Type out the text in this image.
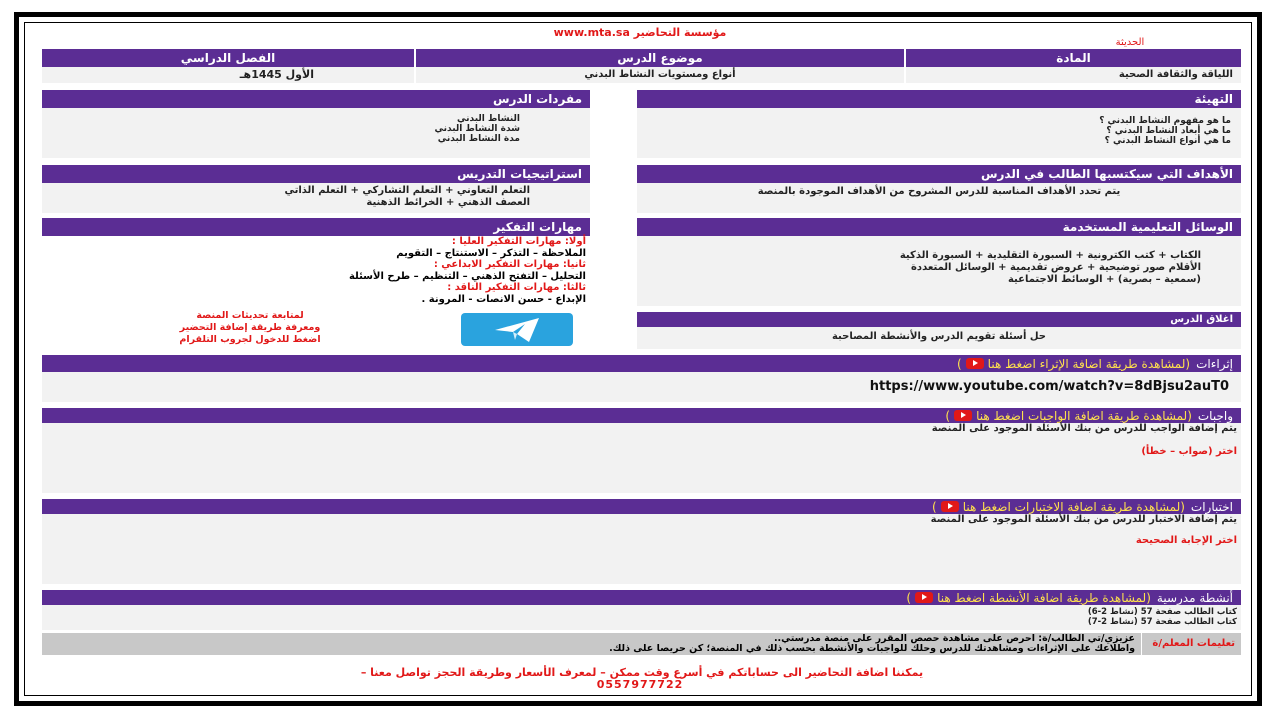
مؤسسة التحاضير www.mta.sa
الحديثة
المادة
موضوع الدرس
الفصل الدراسي
اللياقة والثقافة الصحية
أنواع ومستويات النشاط البدني
الأول 1445هـ
التهيئة
ما هو مفهوم النشاط البدني ؟
ما هي أبعاد النشاط البدني ؟
ما هي أنواع النشاط البدني ؟
مفردات الدرس
النشاط البدني
شدة النشاط البدني
مدة النشاط البدني
الأهداف التي سيكتسبها الطالب في الدرس
يتم تحدد الأهداف المناسبة للدرس المشروح من الأهداف الموجودة بالمنصة
استراتيجيات التدريس
التعلم التعاوني + التعلم التشاركي + التعلم الذاتي
العصف الذهني + الخرائط الذهنية
الوسائل التعليمية المستخدمة
الكتاب + كتب الكترونية + السبورة التقليدية + السبورة الذكية
الأقلام صور توضيحية + عروض تقديمية + الوسائل المتعددة
(سمعية – بصرية) + الوسائط الاجتماعية
مهارات التفكير
أولا: مهارات التفكير العليا :
الملاحظة – التذكر – الاستنتاج – التقويم
ثانيا: مهارات التفكير الابداعي :
التحليل – التفتح الذهني – التنظيم – طرح الأسئلة
ثالثا: مهارات التفكير الناقد :
الإبداع - حسن الانصات - المرونة .
لمتابعة تحديثات المنصة
ومعرفة طريقة إضافة التحضير
اضغط للدخول لجروب التلقرام
اغلاق الدرس
حل أسئلة تقويم الدرس والأنشطة المصاحبة
إثراءات
(لمشاهدة طريقة اضافة الإثراء اضغط هنا
)
https://www.youtube.com/watch?v=8dBjsu2auT0
واجبات
(لمشاهدة طريقة اضافة الواجبات اضغط هنا
)
يتم إضافة الواجب للدرس من بنك الأسئلة الموجود على المنصة
اختر (صواب – خطأ)
اختبارات
(لمشاهدة طريقة اضافة الاختبارات اضغط هنا
)
يتم إضافة الاختبار للدرس من بنك الأسئلة الموجود على المنصة
اختر الإجابة الصحيحة
أنشطة مدرسية
(لمشاهدة طريقة اضافة الأنشطة اضغط هنا
)
كتاب الطالب صفحة 57 (نشاط 2-6)
كتاب الطالب صفحة 57 (نشاط 2-7)
تعليمات المعلم/ة
عزيزي/تي الطالب/ة: احرص على مشاهدة حصص المقرر على منصة مدرستي..
واطلاعك على الإثراءات ومشاهدتك للدرس وحلك للواجبات والأنشطة بحسب ذلك في المنصة؛ كن حريصا على ذلك.
يمكننا اضافة التحاضير الى حساباتكم في أسرع وقت ممكن – لمعرف الأسعار وطريقة الحجز تواصل معنا –
0557977722
